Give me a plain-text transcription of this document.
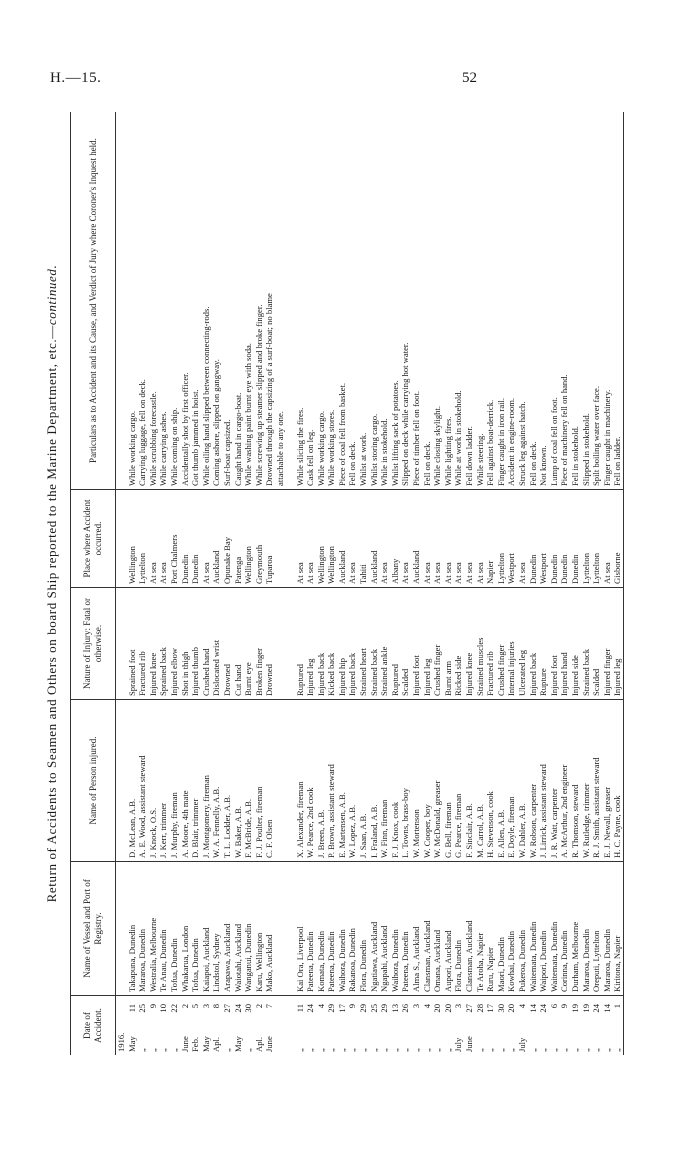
H.—15.	52
Return of Accidents to Seamen and Others on board Ship reported to the Marine Department, etc.—continued.
Date of Accident.
Name of Vessel and Port of Registry.
Name of Person injured.
Nature of Injury: Fatal or otherwise.
Place where Accident occurred.
Particulars as to Accident and its Cause, and Verdict of Jury where Coroner's Inquest held.
1916. May
11
Takapuna, Dunedin
D. McLean, A.B.
Sprained foot
Wellington
While working cargo.
„
25
Mararoa, Dunedin
A. E. Wood, assistant steward
Fractured rib
Lyttelton
Carrying luggage, fell on deck.
„
9
Westralia, Melbourne
J. Knock, O.S.
Injured knee
At sea
While scrubbing forecastle.
„
10
Te Anau, Dunedin
J. Kerr, trimmer
Sprained back
At sea
While carrying ashes.
„
22
Tofua, Dunedin
J. Murphy, fireman
Injured elbow
Port Chalmers
While coming on ship.
June
2
Whakarua, London
A. Moore, 4th mate
Shot in thigh
Dunedin
Accidentally shot by first officer.
Feb.
5
Tofua, Dunedin
D. Blair, trimmer
Injured thumb
Dunedin
Got thumb jammed in hoist.
May
3
Kaiapoi, Auckland
J. Montgomery, fireman
Crushed hand
At sea
While oiling hand slipped between connecting-rods.
Apl.
8
Lindstol, Sydney
W. A. Fennelly, A.B.
Dislocated wrist
Auckland
Coming ashore, slipped on gangway.
„
27
Arapawa, Auckland
T. L. Lodder, A.B.
Drowned
Opunake Bay
Surf-boat capsized.
May
24
Waiotahi, Auckland
W. Baker, A.B.
Cut hand
Patenga
Caught hand in cargo-boat.
„
30
Wanganui, Dunedin
F. McBride, A.B.
Burnt eye
Wellington
While washing paint burnt eye with soda.
Apl.
2
Karu, Wellington
F. J. Poulter, fireman
Broken finger
Greymouth
While screwing up steamer slipped and broke finger.
June
7
Mako, Auckland
C. F. Olsen
Drowned
Tuparoa
Drowned through the capsizing of a surf-boat; no blame attachable to any one.
„
11
Kai Ora, Liverpool
X. Alexander, fireman
Ruptured
At sea
While slicing the fires.
„
24
Pateena, Dunedin
W. Pearce, 2nd cook
Injured leg
At sea
Cask fell on leg.
„
4
Komata, Dunedin
J. Breen, A.B.
Injured back
Wellington
While working cargo.
„
29
Pateena, Dunedin
P. Brown, assistant steward
Kicked back
Wellington
While working stores.
„
17
Waihora, Dunedin
E. Martensen, A.B.
Injured hip
Auckland
Piece of coal fell from basket.
„
9
Rakanoa, Dunedin
W. Lopez, A.B.
Injured back
At sea
Fell on deck.
„
29
Flora, Dunedin
J. Saan, A.B.
Strained heart
Tahiti
Whilst at work.
„
25
Ngatiawa, Auckland
I. Fraland, A.B.
Strained back
Auckland
Whilst storing cargo.
„
29
Ngapahi, Auckland
W. Finn, fireman
Strained ankle
At sea
While in stokehold.
„
13
Waihora, Dunedin
F. J. Knox, cook
Ruptured
Albany
Whilst lifting sack of potatoes.
„
26
Pateena, Dunedin
L. Towns, brass-boy
Scalded
At sea
Slipped on deck while carrying hot water.
„
3
Alma S., Auckland
W. Mortenson
Injured foot
Auckland
Piece of timber fell on foot.
„
4
Clansman, Auckland
W. Cooper, boy
Injured leg
At sea
Fell on deck.
„
20
Omana, Auckland
W. McDonald, greaser
Crushed finger
At sea
While closing skylight.
„
20
Aupori, Auckland
G. Bell, fireman
Burnt arm
At sea
While lighting fires.
July
3
Flora, Dunedin
G. Pearce, fireman
Ricked side
At sea
While at work in stokehold.
June
27
Clansman, Auckland
F. Sinclair, A.B.
Injured knee
At sea
Fell down ladder.
„
28
Te Aroha, Napier
M. Carrol, A.B.
Strained muscles
At sea
While steering.
„
17
Ruru, Napier
H. Stevenson, cook
Fractured rib
Napier
Fell against boat-derrick.
„
30
Maori, Dunedin
E. Allen, A.B.
Crushed finger
Lyttelton
Finger caught in iron rail.
„
20
Kowhai, Dunedin
E. Doyle, fireman
Internal injuries
Westport
Accident in engine-room.
July
4
Pukeroa, Dunedin
W. Dahler, A.B.
Ulcerated leg
At sea
Struck leg against hatch.
„
14
Waitemata, Dunedin
W. Robson, carpenter
Injured back
Dunedin
Fell on deck.
„
24
Waipori, Dunedin
J. Lirrick, assistant steward
Rupture
Westport
Not known.
„
6
Waitemata, Dunedin
J. R. Watt, carpenter
Injured foot
Dunedin
Lump of coal fell on foot.
„
9
Corinna, Dunedin
A. McArthur, 2nd engineer
Injured hand
Dunedin
Piece of machinery fell on hand.
„
19
Durham, Melbourne
R. Thomson, steward
Injured side
Dunedin
Fell in stokehold.
„
19
Mararoa, Dunedin
W. Rutledge, trimmer
Strained back
Lyttelton
Slipped in stokehold.
„
24
Oreputi, Lyttelton
R. J. Smith, assistant steward
Scalded
Lyttelton
Spilt boiling water over face.
„
14
Mararoa, Dunedin
E. J. Newall, greaser
Injured finger
At sea
Finger caught in machinery.
„
1
Kiritona, Napier
H. C. Payne, cook
Injured leg
Gisborne
Fell on ladder.
